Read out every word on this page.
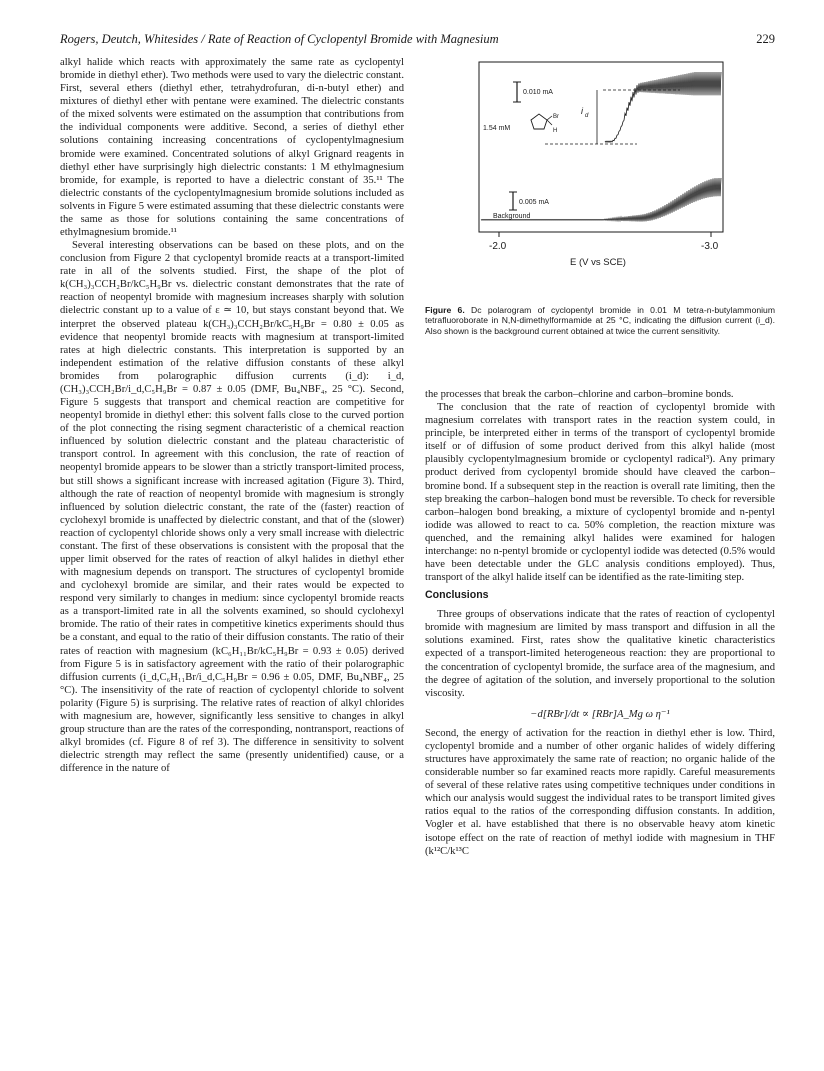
Rogers, Deutch, Whitesides / Rate of Reaction of Cyclopentyl Bromide with Magnesium	229

alkyl halide which reacts with approximately the same rate as cyclopentyl bromide in diethyl ether). Two methods were used to vary the dielectric constant. First, several ethers (diethyl ether, tetrahydrofuran, di-n-butyl ether) and mixtures of diethyl ether with pentane were examined. The dielectric constants of the mixed solvents were estimated on the assumption that contributions from the individual components were additive. Second, a series of diethyl ether solutions containing increasing concentrations of cyclopentylmagnesium bromide were examined. Concentrated solutions of alkyl Grignard reagents in diethyl ether have surprisingly high dielectric constants: 1 M ethylmagnesium bromide, for example, is reported to have a dielectric constant of 35.¹¹ The dielectric constants of the cyclopentylmagnesium bromide solutions included as solvents in Figure 5 were estimated assuming that these dielectric constants were the same as those for solutions containing the same concentrations of ethylmagnesium bromide.¹¹

Several interesting observations can be based on these plots, and on the conclusion from Figure 2 that cyclopentyl bromide reacts at a transport-limited rate in all of the solvents studied. First, the shape of the plot of k(CH₃)₃CCH₂Br/kC₅H₉Br vs. dielectric constant demonstrates that the rate of reaction of neopentyl bromide with magnesium increases sharply with solution dielectric constant up to a value of ε ≃ 10, but stays constant beyond that. We interpret the observed plateau k(CH₃)₃CCH₂Br/kC₅H₉Br = 0.80 ± 0.05 as evidence that neopentyl bromide reacts with magnesium at transport-limited rates at high dielectric constants. This interpretation is supported by an independent estimation of the relative diffusion constants of these alkyl bromides from polarographic diffusion currents (i_d): i_d,(CH₃)₃CCH₂Br/i_d,C₅H₉Br = 0.87 ± 0.05 (DMF, Bu₄NBF₄, 25 °C). Second, Figure 5 suggests that transport and chemical reaction are competitive for neopentyl bromide in diethyl ether: this solvent falls close to the curved portion of the plot connecting the rising segment characteristic of a chemical reaction influenced by solution dielectric constant and the plateau characteristic of transport control. In agreement with this conclusion, the rate of reaction of neopentyl bromide appears to be slower than a strictly transport-limited process, but still shows a significant increase with increased agitation (Figure 3). Third, although the rate of reaction of neopentyl bromide with magnesium is strongly influenced by solution dielectric constant, the rate of the (faster) reaction of cyclohexyl bromide is unaffected by dielectric constant, and that of the (slower) reaction of cyclopentyl chloride shows only a very small increase with dielectric constant. The first of these observations is consistent with the proposal that the upper limit observed for the rates of reaction of alkyl halides in diethyl ether with magnesium depends on transport. The structures of cyclopentyl bromide and cyclohexyl bromide are similar, and their rates would be expected to respond very similarly to changes in medium: since cyclopentyl bromide reacts as a transport-limited rate in all the solvents examined, so should cyclohexyl bromide. The ratio of their rates in competitive kinetics experiments should thus be a constant, and equal to the ratio of their diffusion constants. The ratio of their rates of reaction with magnesium (kC₆H₁₁Br/kC₅H₉Br = 0.93 ± 0.05) derived from Figure 5 is in satisfactory agreement with the ratio of their polarographic diffusion currents (i_d,C₆H₁₁Br/i_d,C₅H₉Br = 0.96 ± 0.05, DMF, Bu₄NBF₄, 25 °C). The insensitivity of the rate of reaction of cyclopentyl chloride to solvent polarity (Figure 5) is surprising. The relative rates of reaction of alkyl chlorides with magnesium are, however, significantly less sensitive to changes in alkyl group structure than are the rates of the corresponding, nontransport, reactions of alkyl bromides (cf. Figure 8 of ref 3). The difference in sensitivity to solvent dielectric strength may reflect the same (presently unidentified) cause, or a difference in the nature of

0.010 mA
1.54 mM
Br
H
i d
0.005 mA
Background
-2.0	-3.0
E (V vs SCE)
Figure 6. Dc polarogram of cyclopentyl bromide in 0.01 M tetra-n-butylammonium tetrafluoroborate in N,N-dimethylformamide at 25 °C, indicating the diffusion current (i_d). Also shown is the background current obtained at twice the current sensitivity.

the processes that break the carbon–chlorine and carbon–bromine bonds.

The conclusion that the rate of reaction of cyclopentyl bromide with magnesium correlates with transport rates in the reaction system could, in principle, be interpreted either in terms of the transport of cyclopentyl bromide itself or of diffusion of some product derived from this alkyl halide (most plausibly cyclopentylmagnesium bromide or cyclopentyl radical³). Any primary product derived from cyclopentyl bromide should have cleaved the carbon–bromine bond. If a subsequent step in the reaction is overall rate limiting, then the step breaking the carbon–halogen bond must be reversible. To check for reversible carbon–halogen bond breaking, a mixture of cyclopentyl bromide and n-pentyl iodide was allowed to react to ca. 50% completion, the reaction mixture was quenched, and the remaining alkyl halides were examined for halogen interchange: no n-pentyl bromide or cyclopentyl iodide was detected (0.5% would have been detectable under the GLC analysis conditions employed). Thus, transport of the alkyl halide itself can be identified as the rate-limiting step.

Conclusions

Three groups of observations indicate that the rates of reaction of cyclopentyl bromide with magnesium are limited by mass transport and diffusion in all the solutions examined. First, rates show the qualitative kinetic characteristics expected of a transport-limited heterogeneous reaction: they are proportional to the concentration of cyclopentyl bromide, the surface area of the magnesium, and the degree of agitation of the solution, and inversely proportional to the solution viscosity.

−d[RBr]/dt ∝ [RBr]A_Mg ω η⁻¹

Second, the energy of activation for the reaction in diethyl ether is low. Third, cyclopentyl bromide and a number of other organic halides of widely differing structures have approximately the same rate of reaction; no organic halide of the considerable number so far examined reacts more rapidly. Careful measurements of several of these relative rates using competitive techniques under conditions in which our analysis would suggest the individual rates to be transport limited gives ratios equal to the ratios of the corresponding diffusion constants. In addition, Vogler et al. have established that there is no observable heavy atom kinetic isotope effect on the rate of reaction of methyl iodide with magnesium in THF (k¹²C/k¹³C
